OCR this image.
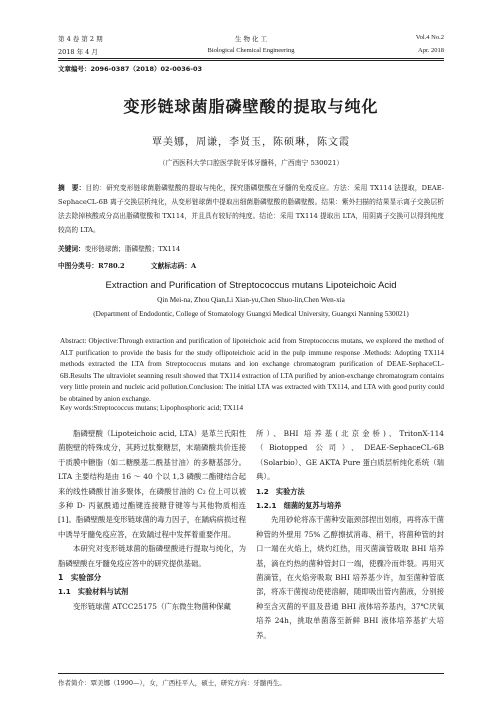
第 4 卷 第 2 期	生 物 化 工	Vol.4 No.2
2018 年 4 月	Biological Chemical Engineering	Apr. 2018
文章编号：2096-0387（2018）02-0036-03
变形链球菌脂磷壁酸的提取与纯化
覃美娜，周谦，李贤玉，陈硕琳，陈文霞
（广西医科大学口腔医学院牙体牙髓科，广西南宁 530021）
摘　要：目的：研究变形链球菌脂磷壁酸的提取与纯化，探究脂磷壁酸在牙髓的免疫反应。方法：采用 TX114 法提取，DEAE-SephaceCL-6B 离子交换层析纯化，从变形链球菌中提取出细菌脂磷壁酸的脂磷壁酸。结果：紫外扫描的结果显示离子交换层析法去除掉核酸成分高出脂磷壁酸和 TX114，并且具有较好的纯度。结论：采用 TX114 提取出 LTA，用阴离子交换可以得到纯度较高的 LTA。
关键词：变形链球菌；脂磷壁酸；TX114
中图分类号：R780.2	文献标志码：A
Extraction and Purification of Streptococcus mutans Lipoteichoic Acid
Qin Mei-na, Zhou Qian,Li Xian-yu,Chen Shuo-lin,Chen Wen-xia
(Department of Endodontic, College of Stomatology Guangxi Medical University, Guangxi Nanning 530021)
Abstract: Objective:Through extraction and purification of lipoteichoic acid from Streptococcus mutans, we explored the method of ALT purification to provide the basis for the study oflipoteichoic acid in the pulp immune response .Methods: Adopting TX114 methods extracted the LTA from Streptococcus mutans and ion exchange chromatogram purification of DEAE-SephaceCL-6B.Results The ultraviolet seanning result showed that TX114 extraction of LTA purified by anion-exchange chromatogram contains very little protein and nucleic acid pollution.Conclusion: The initial LTA was extracted with TX114, and LTA with good purity could be obtained by anion exchange.
Key words:Streptococcus mutans; Lipophosphoric acid; TX114
脂磷壁酸（Lipoteichoic acid, LTA）是革兰氏阳性菌胞壁的特殊成分，其跨过肽聚糖层，末端磷酸共价连接于质膜中糖脂（如二糖酰基二酰基甘油）的多糖基部分。LTA 主要结构是由 16 ～ 40 个以 1,3 磷酸二酯键结合起来的线性磷酸甘油多聚体，在磷酸甘油的 C₂ 位上可以被多种 D- 丙氨酰通过酯键连接糖苷键等与其他物质相连 [1]。脂磷壁酸是变形链球菌的毒力因子，在龋病病损过程中诱导牙髓免疫应答，在致龋过程中发挥着重要作用。
本研究对变形链球菌的脂磷壁酸进行提取与纯化，为脂磷壁酸在牙髓免疫应答中的研究提供基础。
1　实验部分
1.1　实验材料与试剂
变形链球菌 ATCC25175（广东微生物菌种保藏
所）、BHI 培养基(北京金桥)、TritonX-114（Biotopped 公司）、DEAE-SephaceCL-6B（Solarbio）、GE AKTA Pure 蛋白质层析纯化系统（瑞典）。
1.2　实验方法
1.2.1　细菌的复苏与培养
先用砂轮将冻干菌种安瓿颈部捏出划痕，再将冻干菌种管的外壁用 75% 乙醇擦拭消毒、稍干，将菌种管的封口一端在火焰上，烧灼红热，用灭菌滴管吸取 BHI 培养基，滴在灼热的菌种管封口一端，使骤冷而炸裂。再用灭菌滴管，在火焰旁吸取 BHI 培养基少许，加至菌种管底部，将冻干菌搅动使使溶解，随即吸出管内菌液，分别接种至含灭菌的平皿及普通 BHI 液体培养基内，37℃厌氧培养 24h，挑取单菌落至新鲜 BHI 液体培养基扩大培养。
作者简介：覃美娜（1990—），女，广西桂平人，硕士，研究方向：牙髓再生。
